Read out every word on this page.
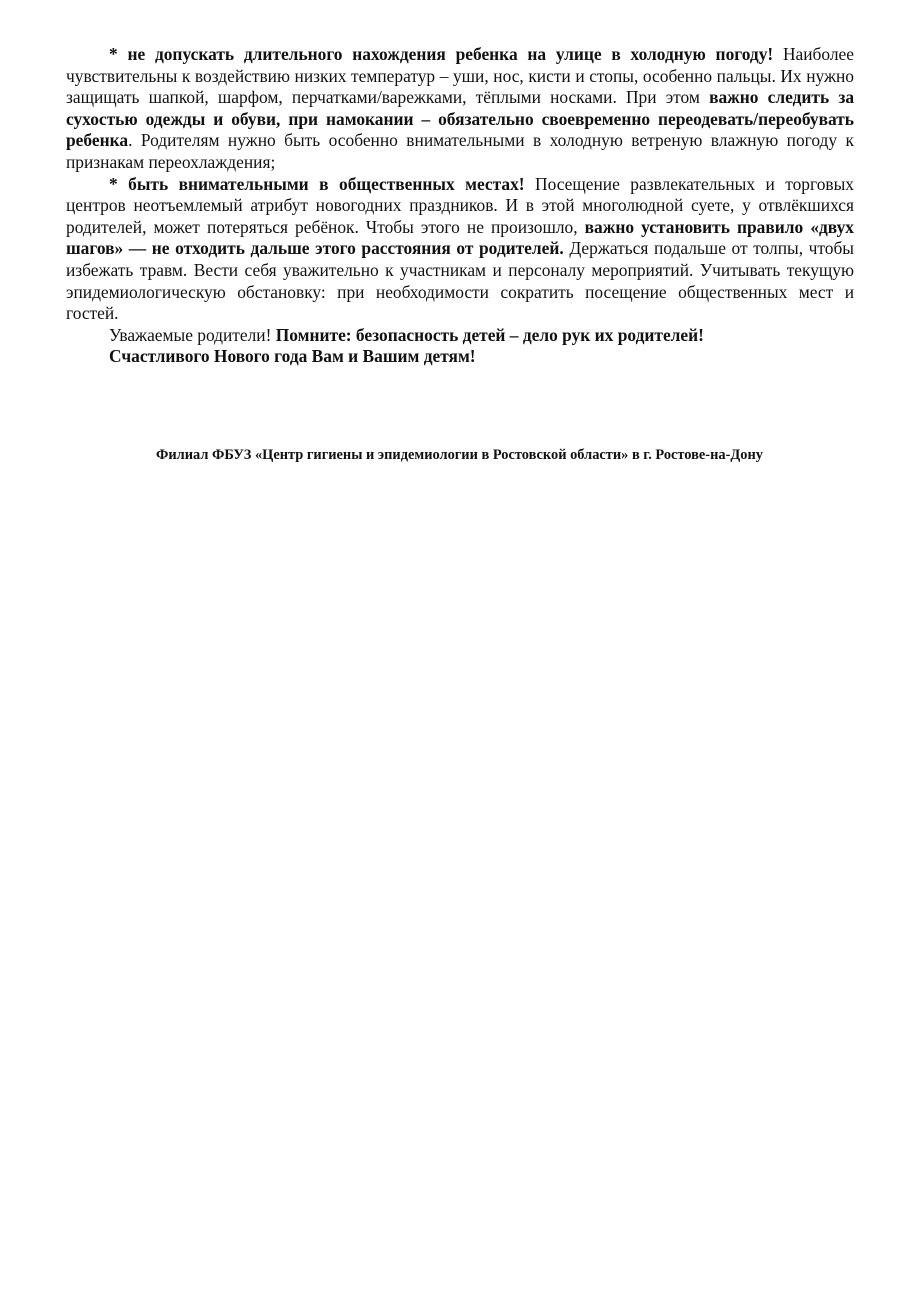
* не допускать длительного нахождения ребенка на улице в холодную погоду! Наиболее чувствительны к воздействию низких температур – уши, нос, кисти и стопы, особенно пальцы. Их нужно защищать шапкой, шарфом, перчатками/варежками, тёплыми носками. При этом важно следить за сухостью одежды и обуви, при намокании – обязательно своевременно переодевать/переобувать ребенка. Родителям нужно быть особенно внимательными в холодную ветреную влажную погоду к признакам переохлаждения;

* быть внимательными в общественных местах! Посещение развлекательных и торговых центров неотъемлемый атрибут новогодних праздников. И в этой многолюдной суете, у отвлёкшихся родителей, может потеряться ребёнок. Чтобы этого не произошло, важно установить правило «двух шагов» — не отходить дальше этого расстояния от родителей. Держаться подальше от толпы, чтобы избежать травм. Вести себя уважительно к участникам и персоналу мероприятий. Учитывать текущую эпидемиологическую обстановку: при необходимости сократить посещение общественных мест и гостей.

Уважаемые родители! Помните: безопасность детей – дело рук их родителей!

Счастливого Нового года Вам и Вашим детям!

Филиал ФБУЗ «Центр гигиены и эпидемиологии в Ростовской области» в г. Ростове-на-Дону
